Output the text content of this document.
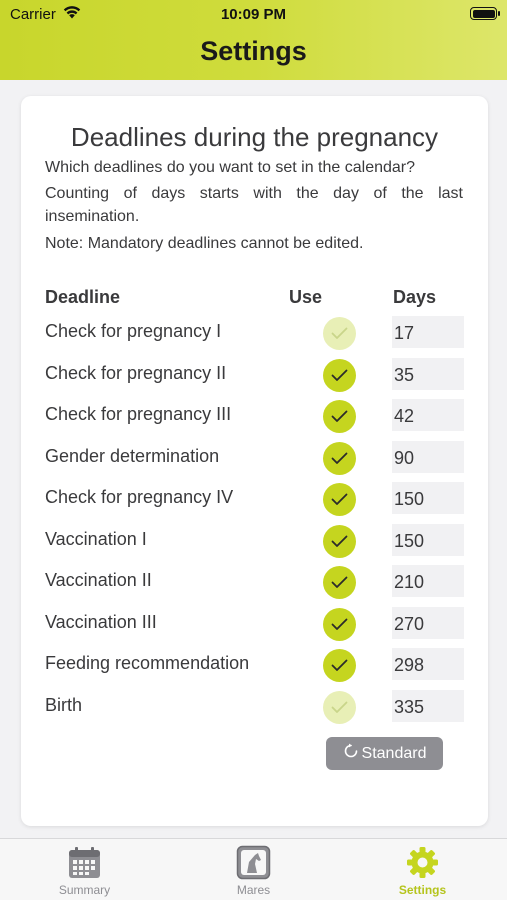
Carrier	10:09 PM
Settings
Deadlines during the pregnancy
Which deadlines do you want to set in the calendar?
Counting of days starts with the day of the last insemination.
Note: Mandatory deadlines cannot be edited.
Deadline	Use	Days
Check for pregnancy I	17
Check for pregnancy II	35
Check for pregnancy III	42
Gender determination	90
Check for pregnancy IV	150
Vaccination I	150
Vaccination II	210
Vaccination III	270
Feeding recommendation	298
Birth	335
Standard
Summary	Mares	Settings
